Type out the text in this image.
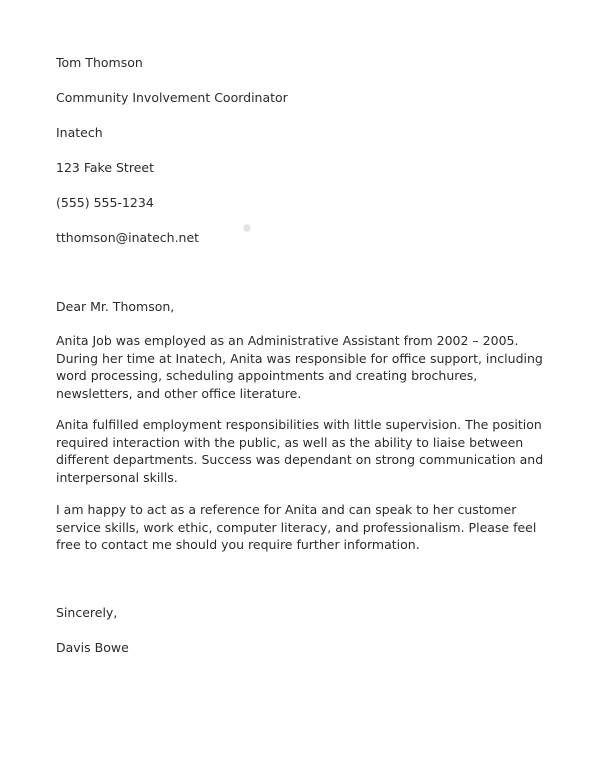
Tom Thomson

Community Involvement Coordinator

Inatech

123 Fake Street

(555) 555-1234

tthomson@inatech.net

Dear Mr. Thomson,

Anita Job was employed as an Administrative Assistant from 2002 – 2005. During her time at Inatech, Anita was responsible for office support, including word processing, scheduling appointments and creating brochures, newsletters, and other office literature.

Anita fulfilled employment responsibilities with little supervision. The position required interaction with the public, as well as the ability to liaise between different departments. Success was dependant on strong communication and interpersonal skills.

I am happy to act as a reference for Anita and can speak to her customer service skills, work ethic, computer literacy, and professionalism. Please feel free to contact me should you require further information.

Sincerely,

Davis Bowe
